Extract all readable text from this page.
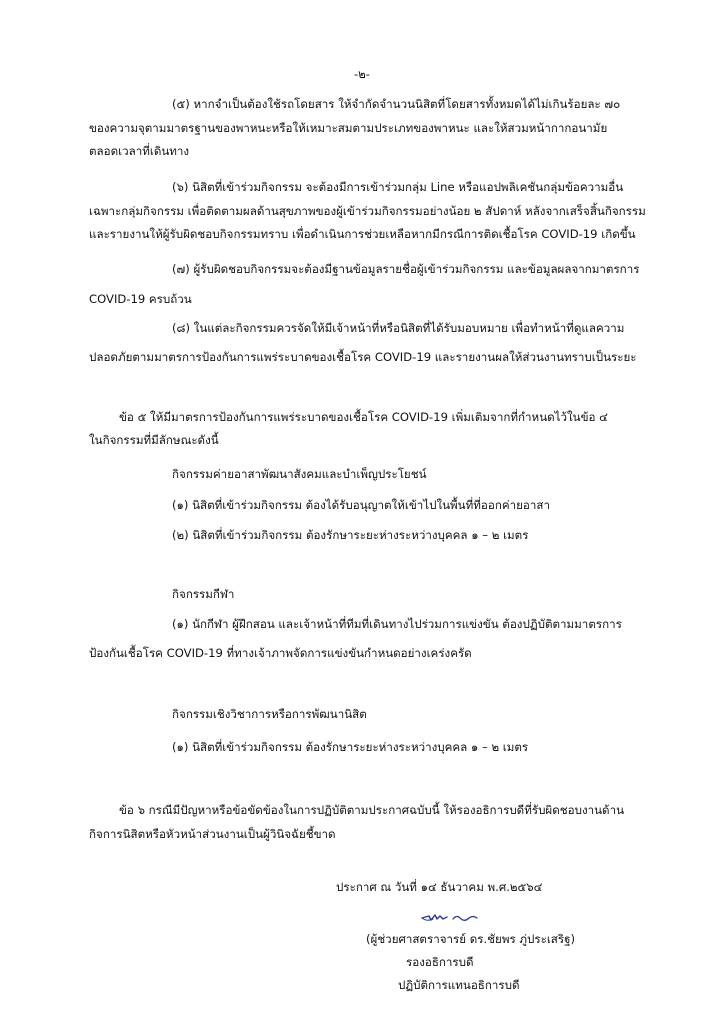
-๒-
(๕) หากจำเป็นต้องใช้รถโดยสาร ให้จำกัดจำนวนนิสิตที่โดยสารทั้งหมดได้ไม่เกินร้อยละ ๗๐
ของความจุตามมาตรฐานของพาหนะหรือให้เหมาะสมตามประเภทของพาหนะ และให้สวมหน้ากากอนามัย
ตลอดเวลาที่เดินทาง
(๖) นิสิตที่เข้าร่วมกิจกรรม จะต้องมีการเข้าร่วมกลุ่ม Line หรือแอปพลิเคชันกลุ่มข้อความอื่น
เฉพาะกลุ่มกิจกรรม เพื่อติดตามผลด้านสุขภาพของผู้เข้าร่วมกิจกรรมอย่างน้อย ๒ สัปดาห์ หลังจากเสร็จสิ้นกิจกรรม
และรายงานให้ผู้รับผิดชอบกิจกรรมทราบ เพื่อดำเนินการช่วยเหลือหากมีกรณีการติดเชื้อโรค COVID-19 เกิดขึ้น
(๗) ผู้รับผิดชอบกิจกรรมจะต้องมีฐานข้อมูลรายชื่อผู้เข้าร่วมกิจกรรม และข้อมูลผลจากมาตรการ
COVID-19 ครบถ้วน
(๘) ในแต่ละกิจกรรมควรจัดให้มีเจ้าหน้าที่หรือนิสิตที่ได้รับมอบหมาย เพื่อทำหน้าที่ดูแลความ
ปลอดภัยตามมาตรการป้องกันการแพร่ระบาดของเชื้อโรค COVID-19 และรายงานผลให้ส่วนงานทราบเป็นระยะ
ข้อ ๕ ให้มีมาตรการป้องกันการแพร่ระบาดของเชื้อโรค COVID-19 เพิ่มเติมจากที่กำหนดไว้ในข้อ ๔
ในกิจกรรมที่มีลักษณะดังนี้
กิจกรรมค่ายอาสาพัฒนาสังคมและบำเพ็ญประโยชน์
(๑) นิสิตที่เข้าร่วมกิจกรรม ต้องได้รับอนุญาตให้เข้าไปในพื้นที่ที่ออกค่ายอาสา
(๒) นิสิตที่เข้าร่วมกิจกรรม ต้องรักษาระยะห่างระหว่างบุคคล ๑ – ๒ เมตร
กิจกรรมกีฬา
(๑) นักกีฬา ผู้ฝึกสอน และเจ้าหน้าที่ทีมที่เดินทางไปร่วมการแข่งขัน ต้องปฏิบัติตามมาตรการ
ป้องกันเชื้อโรค COVID-19 ที่ทางเจ้าภาพจัดการแข่งขันกำหนดอย่างเคร่งครัด
กิจกรรมเชิงวิชาการหรือการพัฒนานิสิต
(๑) นิสิตที่เข้าร่วมกิจกรรม ต้องรักษาระยะห่างระหว่างบุคคล ๑ – ๒ เมตร
ข้อ ๖ กรณีมีปัญหาหรือข้อขัดข้องในการปฏิบัติตามประกาศฉบับนี้ ให้รองอธิการบดีที่รับผิดชอบงานด้าน
กิจการนิสิตหรือหัวหน้าส่วนงานเป็นผู้วินิจฉัยชี้ขาด
ประกาศ ณ วันที่ ๑๔ ธันวาคม พ.ศ.๒๕๖๔
(ผู้ช่วยศาสตราจารย์ ดร.ชัยพร ภู่ประเสริฐ)
รองอธิการบดี
ปฏิบัติการแทนอธิการบดี
